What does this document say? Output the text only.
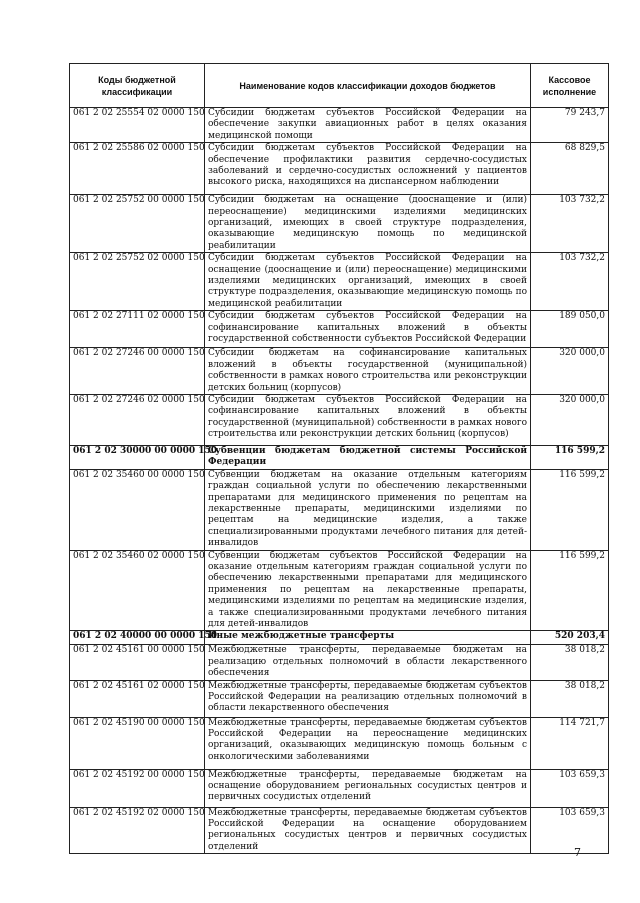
Коды бюджетной классификации	Наименование кодов классификации доходов бюджетов	Кассовое исполнение
061 2 02 25554 02 0000 150	Субсидии бюджетам субъектов Российской Федерации на обеспечение закупки авиационных работ в целях оказания медицинской помощи	79 243,7
061 2 02 25586 02 0000 150	Субсидии бюджетам субъектов Российской Федерации на обеспечение профилактики развития сердечно-сосудистых заболеваний и сердечно-сосудистых осложнений у пациентов высокого риска, находящихся на диспансерном наблюдении	68 829,5
061 2 02 25752 00 0000 150	Субсидии бюджетам на оснащение (дооснащение и (или) переоснащение) медицинскими изделиями медицинских организаций, имеющих в своей структуре подразделения, оказывающие медицинскую помощь по медицинской реабилитации	103 732,2
061 2 02 25752 02 0000 150	Субсидии бюджетам субъектов Российской Федерации на оснащение (дооснащение и (или) переоснащение) медицинскими изделиями медицинских организаций, имеющих в своей структуре подразделения, оказывающие медицинскую помощь по медицинской реабилитации	103 732,2
061 2 02 27111 02 0000 150	Субсидии бюджетам субъектов Российской Федерации на софинансирование капитальных вложений в объекты государственной собственности субъектов Российской Федерации	189 050,0
061 2 02 27246 00 0000 150	Субсидии бюджетам на софинансирование капитальных вложений в объекты государственной (муниципальной) собственности в рамках нового строительства или реконструкции детских больниц (корпусов)	320 000,0
061 2 02 27246 02 0000 150	Субсидии бюджетам субъектов Российской Федерации на софинансирование капитальных вложений в объекты государственной (муниципальной) собственности в рамках нового строительства или реконструкции детских больниц (корпусов)	320 000,0
061 2 02 30000 00 0000 150	Субвенции бюджетам бюджетной системы Российской Федерации	116 599,2
061 2 02 35460 00 0000 150	Субвенции бюджетам на оказание отдельным категориям граждан социальной услуги по обеспечению лекарственными препаратами для медицинского применения по рецептам на лекарственные препараты, медицинскими изделиями по рецептам на медицинские изделия, а также специализированными продуктами лечебного питания для детей-инвалидов	116 599,2
061 2 02 35460 02 0000 150	Субвенции бюджетам субъектов Российской Федерации на оказание отдельным категориям граждан социальной услуги по обеспечению лекарственными препаратами для медицинского применения по рецептам на лекарственные препараты, медицинскими изделиями по рецептам на медицинские изделия, а также специализированными продуктами лечебного питания для детей-инвалидов	116 599,2
061 2 02 40000 00 0000 150	Иные межбюджетные трансферты	520 203,4
061 2 02 45161 00 0000 150	Межбюджетные трансферты, передаваемые бюджетам на реализацию отдельных полномочий в области лекарственного обеспечения	38 018,2
061 2 02 45161 02 0000 150	Межбюджетные трансферты, передаваемые бюджетам субъектов Российской Федерации на реализацию отдельных полномочий в области лекарственного обеспечения	38 018,2
061 2 02 45190 00 0000 150	Межбюджетные трансферты, передаваемые бюджетам субъектов Российской Федерации на переоснащение медицинских организаций, оказывающих медицинскую помощь больным с онкологическими заболеваниями	114 721,7
061 2 02 45192 00 0000 150	Межбюджетные трансферты, передаваемые бюджетам на оснащение оборудованием региональных сосудистых центров и первичных сосудистых отделений	103 659,3
061 2 02 45192 02 0000 150	Межбюджетные трансферты, передаваемые бюджетам субъектов Российской Федерации на оснащение оборудованием региональных сосудистых центров и первичных сосудистых отделений	103 659,3
7
